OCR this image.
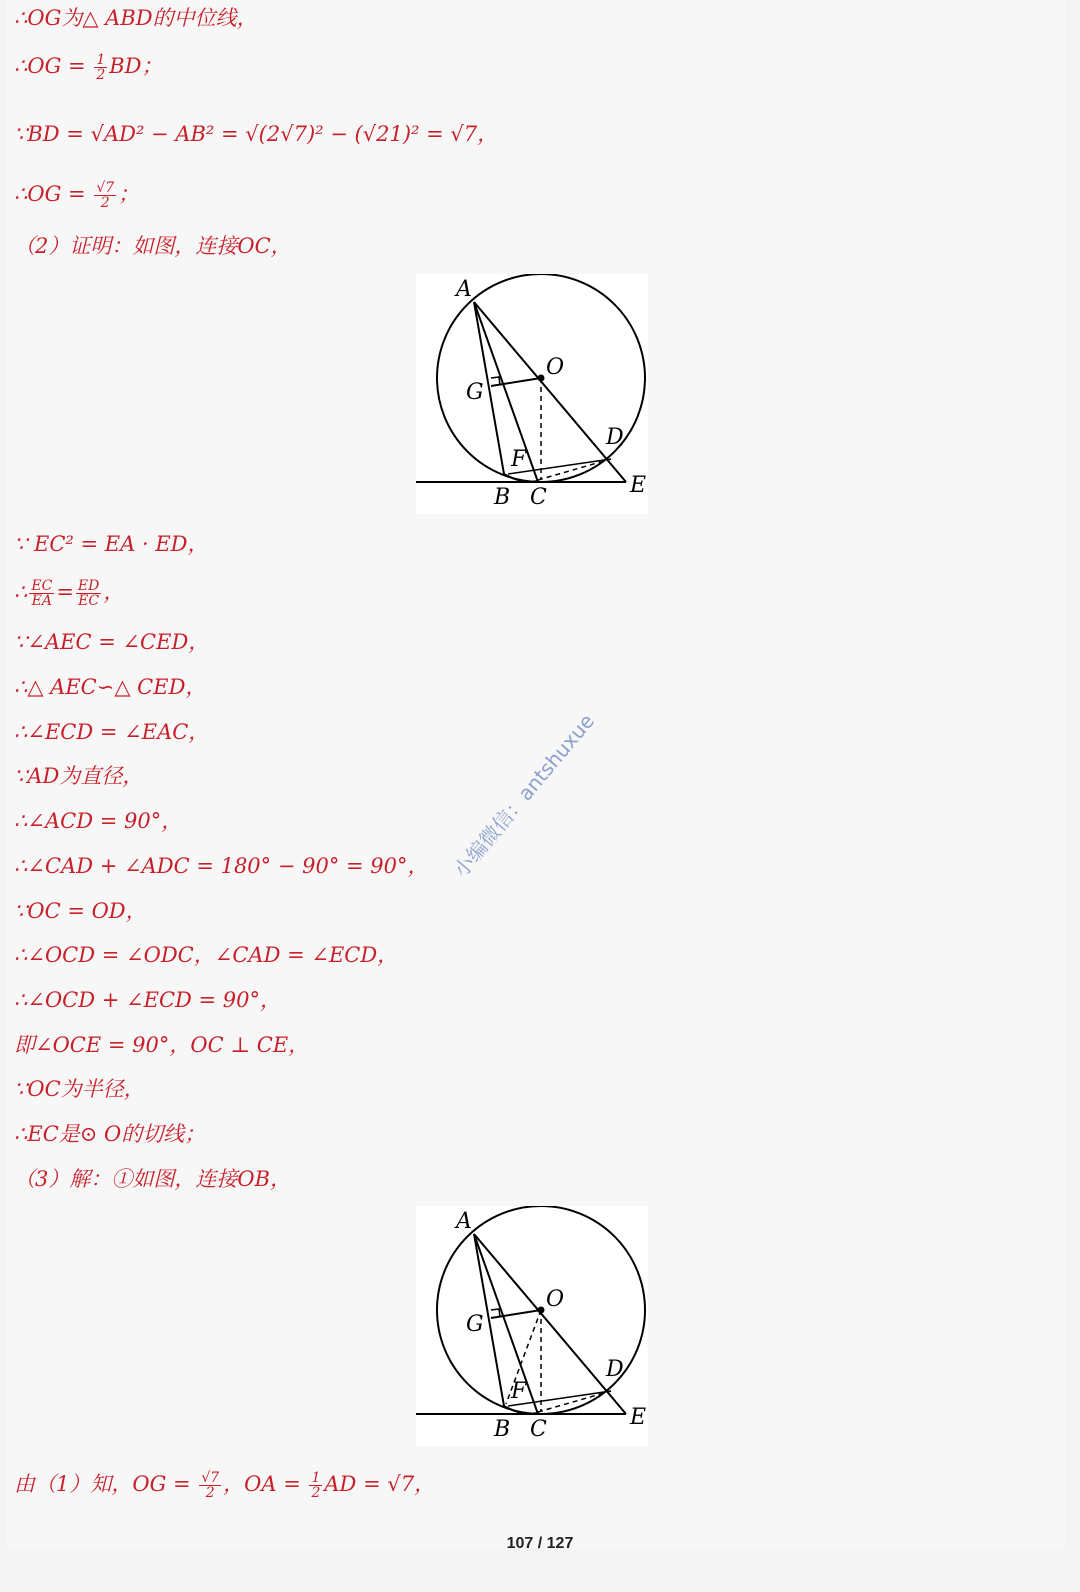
∴OG为△ ABD的中位线，
∴OG = $\frac{1}{2}$ BD；
∵BD = √AD² − AB² = √(2√7)² − (√21)² = √7，
∴OG = $\frac{√7}{2}$ ；
（2）证明：如图，连接OC，
A
O
G
D
F
B C	E
∵ EC² = EA · ED，
∴ $\frac{EC}{EA} = \frac{ED}{EC}$ ，
∵∠AEC = ∠CED，
∴△ AEC∽△ CED，
∴∠ECD = ∠EAC，
∵AD为直径，
∴∠ACD = 90°，
∴∠CAD + ∠ADC = 180° − 90° = 90°，
∵OC = OD，
∴∠OCD = ∠ODC，∠CAD = ∠ECD，
∴∠OCD + ∠ECD = 90°，
即∠OCE = 90°，OC ⊥ CE，
∵OC为半径，
∴EC是⊙ O的切线；
（3）解：①如图，连接OB，
A
O
G
D
F
B C	E
由（1）知，OG = $\frac{√7}{2}$ ，OA = $\frac{1}{2}$ AD = √7，
小编微信：antshuxue
107 / 127
